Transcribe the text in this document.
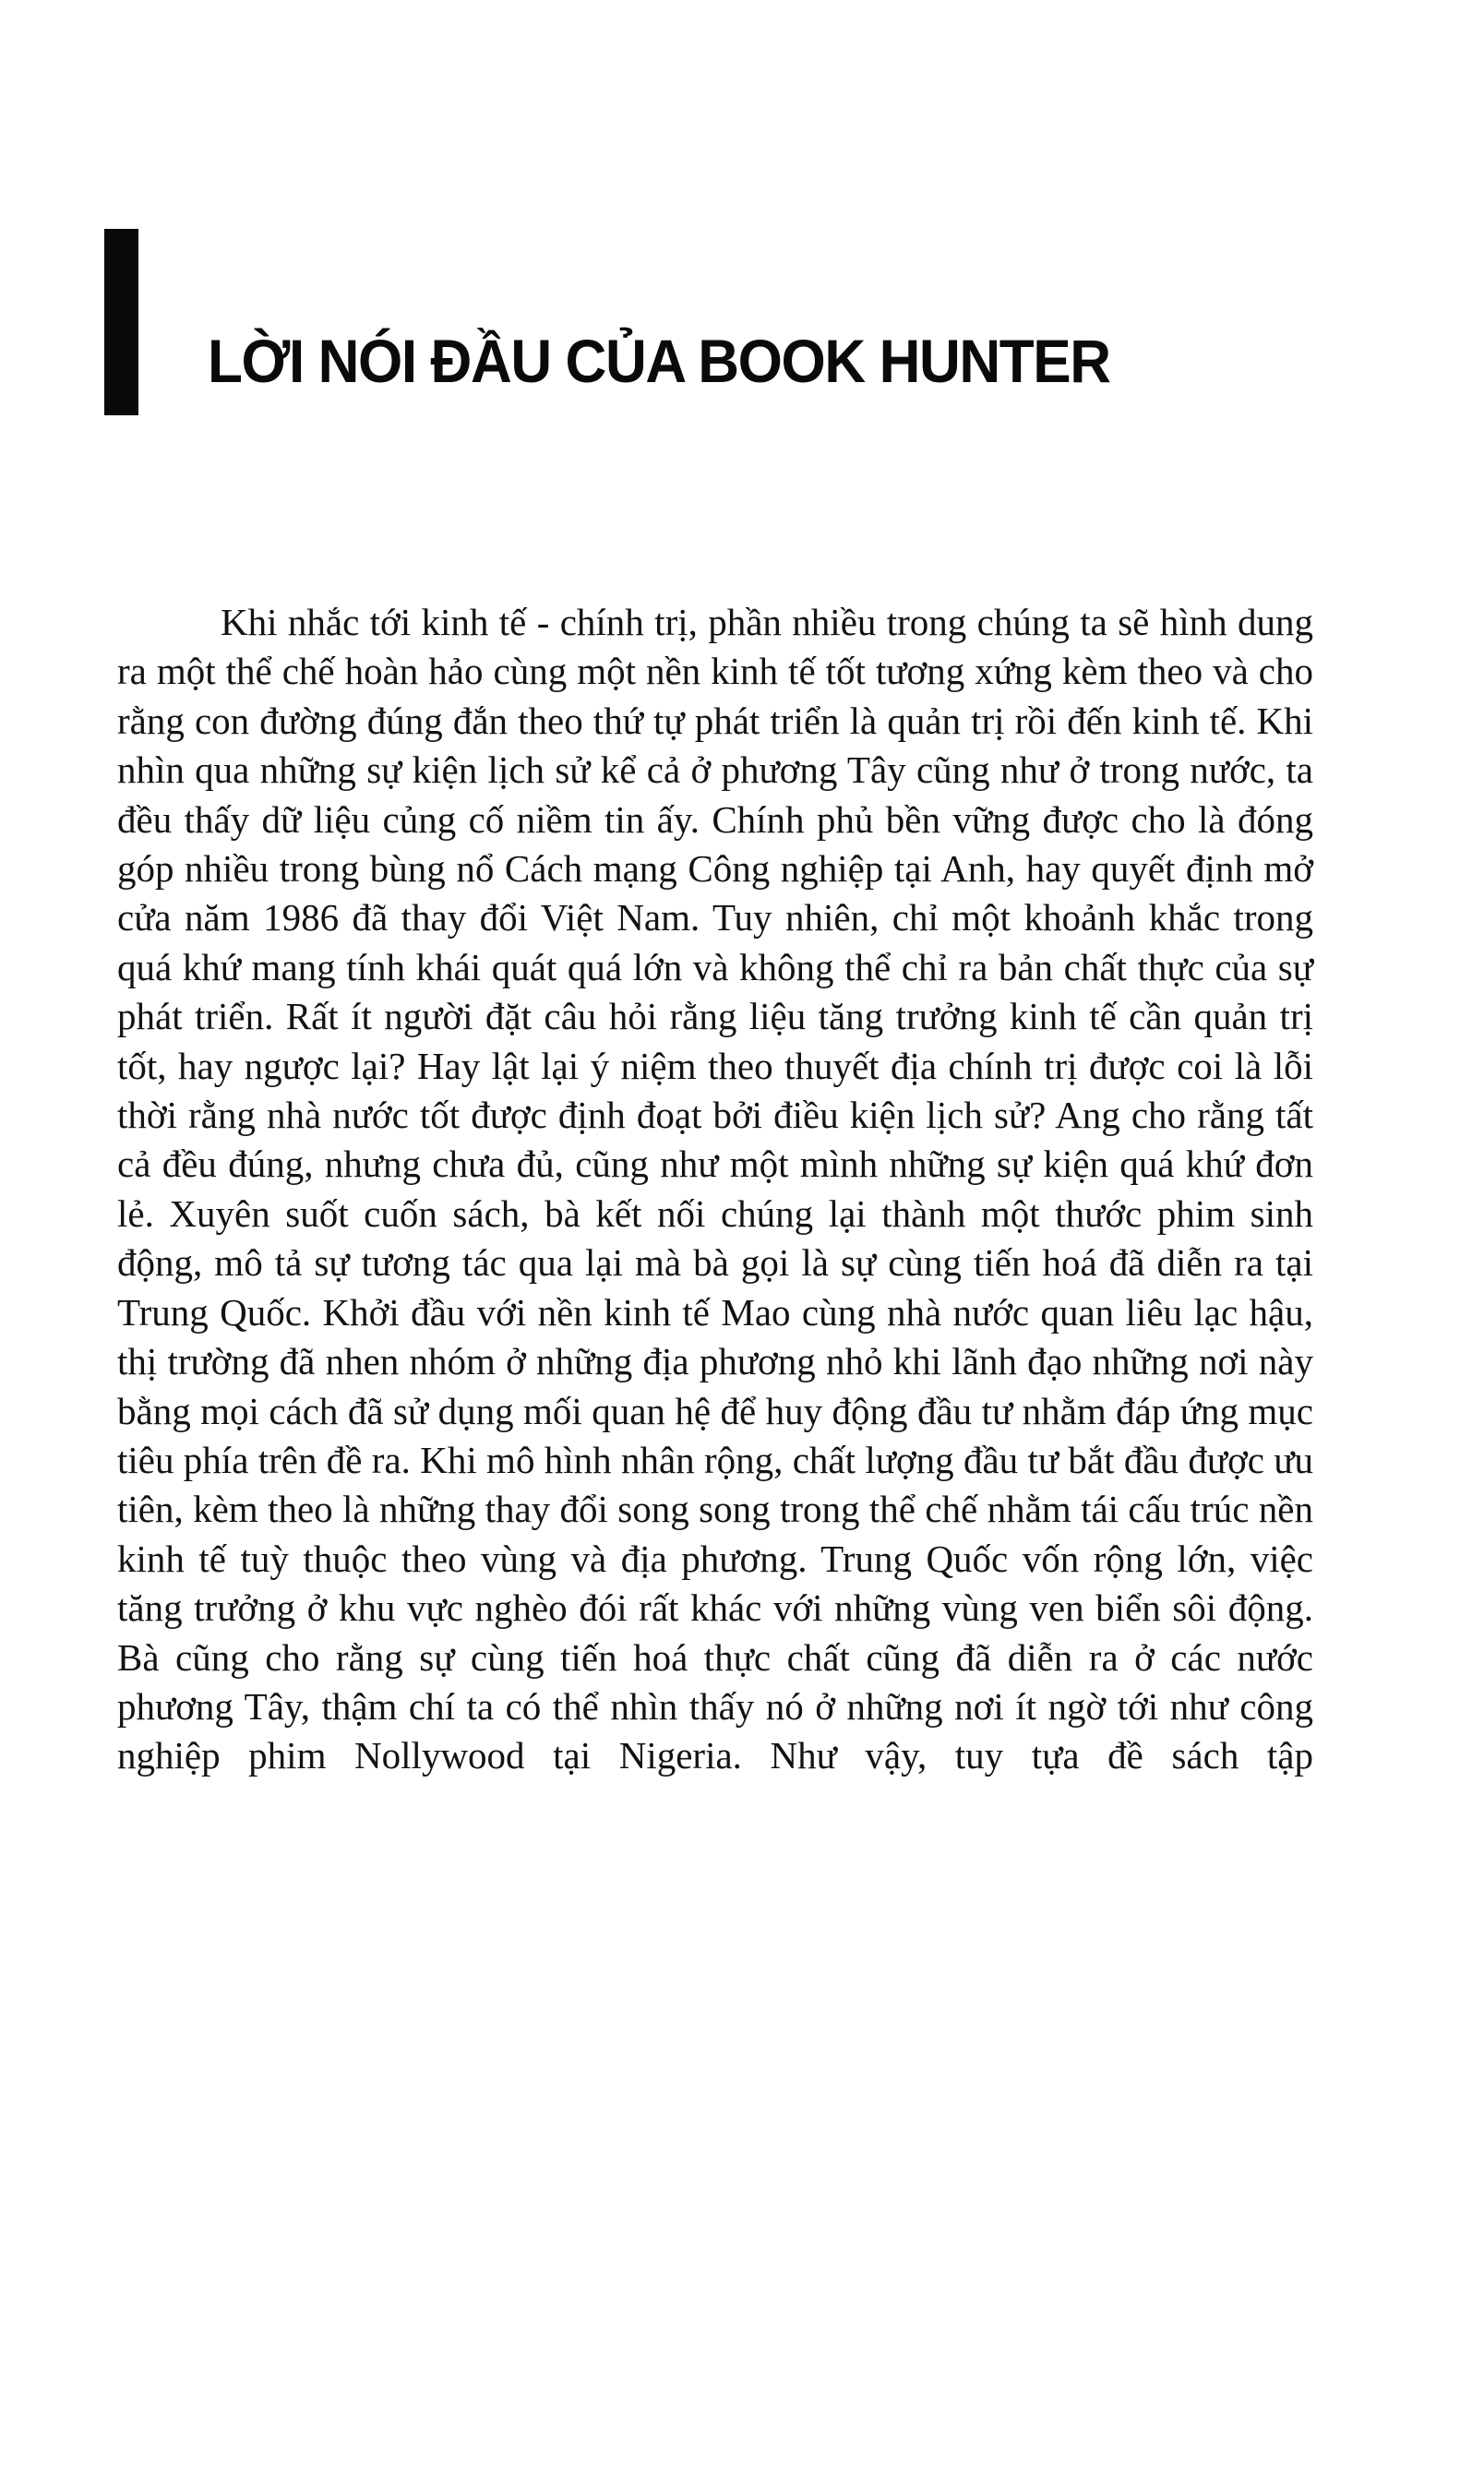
LỜI NÓI ĐẦU CỦA BOOK HUNTER

Khi nhắc tới kinh tế - chính trị, phần nhiều trong chúng ta sẽ hình dung ra một thể chế hoàn hảo cùng một nền kinh tế tốt tương xứng kèm theo và cho rằng con đường đúng đắn theo thứ tự phát triển là quản trị rồi đến kinh tế. Khi nhìn qua những sự kiện lịch sử kể cả ở phương Tây cũng như ở trong nước, ta đều thấy dữ liệu củng cố niềm tin ấy. Chính phủ bền vững được cho là đóng góp nhiều trong bùng nổ Cách mạng Công nghiệp tại Anh, hay quyết định mở cửa năm 1986 đã thay đổi Việt Nam. Tuy nhiên, chỉ một khoảnh khắc trong quá khứ mang tính khái quát quá lớn và không thể chỉ ra bản chất thực của sự phát triển. Rất ít người đặt câu hỏi rằng liệu tăng trưởng kinh tế cần quản trị tốt, hay ngược lại? Hay lật lại ý niệm theo thuyết địa chính trị được coi là lỗi thời rằng nhà nước tốt được định đoạt bởi điều kiện lịch sử? Ang cho rằng tất cả đều đúng, nhưng chưa đủ, cũng như một mình những sự kiện quá khứ đơn lẻ. Xuyên suốt cuốn sách, bà kết nối chúng lại thành một thước phim sinh động, mô tả sự tương tác qua lại mà bà gọi là sự cùng tiến hoá đã diễn ra tại Trung Quốc. Khởi đầu với nền kinh tế Mao cùng nhà nước quan liêu lạc hậu, thị trường đã nhen nhóm ở những địa phương nhỏ khi lãnh đạo những nơi này bằng mọi cách đã sử dụng mối quan hệ để huy động đầu tư nhằm đáp ứng mục tiêu phía trên đề ra. Khi mô hình nhân rộng, chất lượng đầu tư bắt đầu được ưu tiên, kèm theo là những thay đổi song song trong thể chế nhằm tái cấu trúc nền kinh tế tuỳ thuộc theo vùng và địa phương. Trung Quốc vốn rộng lớn, việc tăng trưởng ở khu vực nghèo đói rất khác với những vùng ven biển sôi động. Bà cũng cho rằng sự cùng tiến hoá thực chất cũng đã diễn ra ở các nước phương Tây, thậm chí ta có thể nhìn thấy nó ở những nơi ít ngờ tới như công nghiệp phim Nollywood tại Nigeria. Như vậy, tuy tựa đề sách tập
